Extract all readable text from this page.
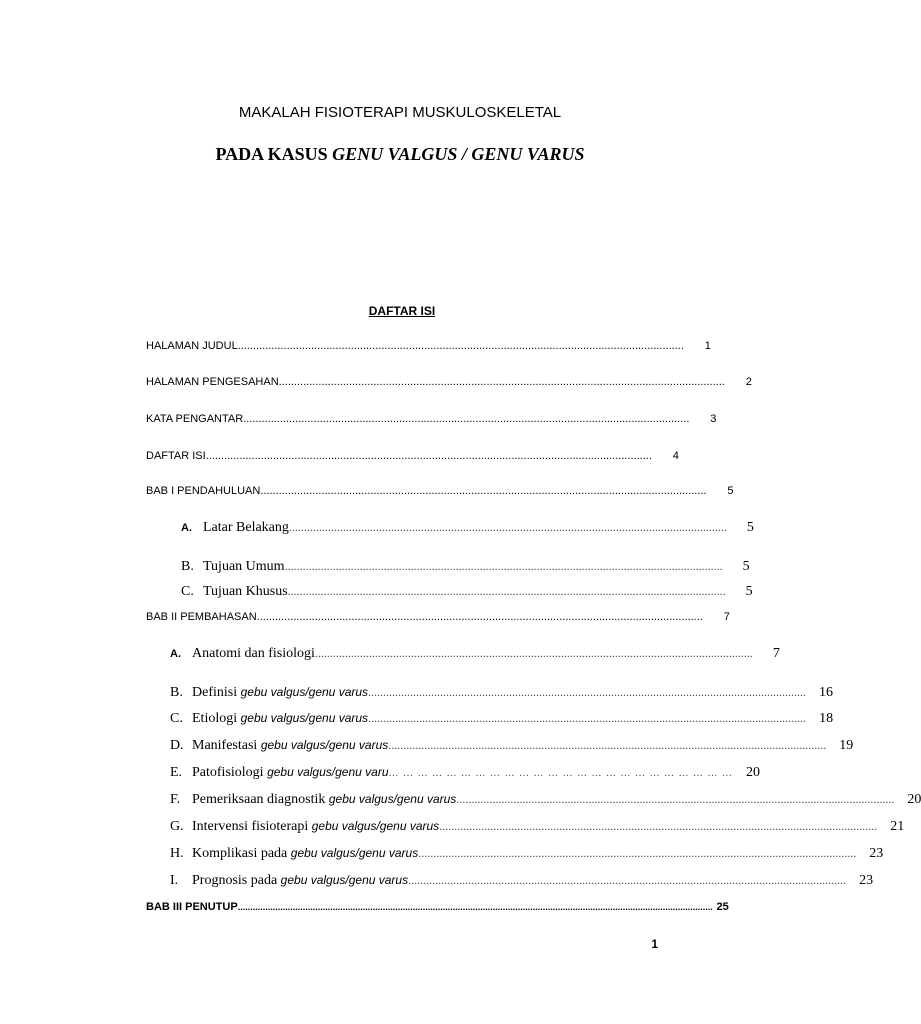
MAKALAH FISIOTERAPI MUSKULOSKELETAL
PADA KASUS GENU VALGUS / GENU VARUS
DAFTAR ISI
HALAMAN JUDUL ..................................................................................................................................................	1
HALAMAN PENGESAHAN ..................................................................................................................................................	2
KATA PENGANTAR ..................................................................................................................................................	3
DAFTAR ISI ..................................................................................................................................................	4
BAB I PENDAHULUAN ..................................................................................................................................................	5
A. Latar Belakang ..................................................................................................................................................	5
B. Tujuan Umum ..................................................................................................................................................	5
C. Tujuan Khusus ..................................................................................................................................................	5
BAB II PEMBAHASAN ..................................................................................................................................................	7
A. Anatomi dan fisiologi ..................................................................................................................................................	7
B. Definisi gebu valgus/genu varus .................................................................................................................................................. 16
C. Etiologi gebu valgus/genu varus .................................................................................................................................................. 18
D. Manifestasi gebu valgus/genu varus .................................................................................................................................................. 19
E. Patofisiologi gebu valgus/genu varu … … … … … … … … … … … … … … … … … … … … … … … … 20
F. Pemeriksaan diagnostik gebu valgus/genu varus .................................................................................................................................................. 20
G. Intervensi fisioterapi gebu valgus/genu varus .................................................................................................................................................. 21
H. Komplikasi pada gebu valgus/genu varus .................................................................................................................................................. 23
I. Prognosis pada gebu valgus/genu varus .................................................................................................................................................. 23
BAB III PENUTUP .............................................................................................................................................................................................. 25
1
